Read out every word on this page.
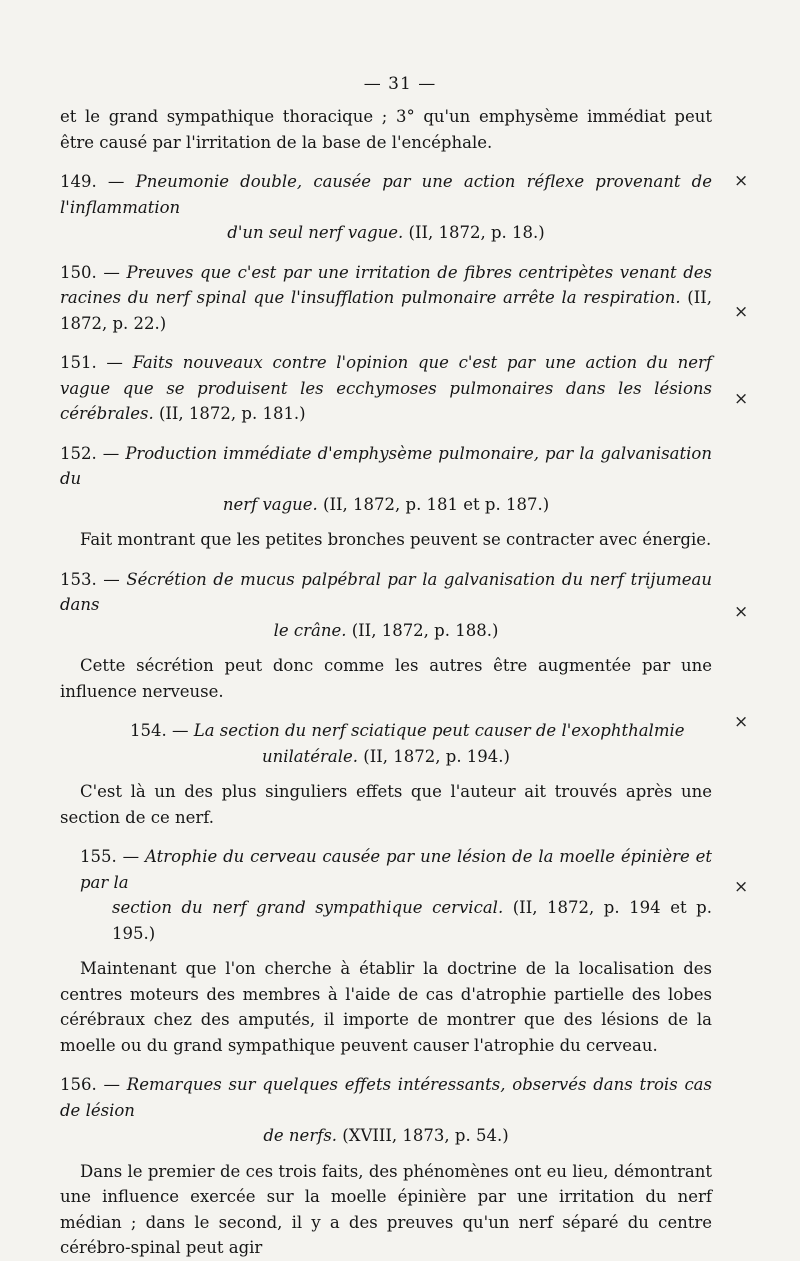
— 31 —

et le grand sympathique thoracique ; 3° qu'un emphysème immédiat peut être causé par l'irritation de la base de l'encéphale.

149. — Pneumonie double, causée par une action réflexe provenant de l'inflammation
d'un seul nerf vague. (II, 1872, p. 18.)

150. — Preuves que c'est par une irritation de fibres centripètes venant des racines du nerf spinal que l'insufflation pulmonaire arrête la respiration. (II, 1872, p. 22.)

151. — Faits nouveaux contre l'opinion que c'est par une action du nerf vague que se produisent les ecchymoses pulmonaires dans les lésions cérébrales. (II, 1872, p. 181.)

152. — Production immédiate d'emphysème pulmonaire, par la galvanisation du
nerf vague. (II, 1872, p. 181 et p. 187.)

Fait montrant que les petites bronches peuvent se contracter avec énergie.

153. — Sécrétion de mucus palpébral par la galvanisation du nerf trijumeau dans
le crâne. (II, 1872, p. 188.)

Cette sécrétion peut donc comme les autres être augmentée par une influence nerveuse.

154. — La section du nerf sciatique peut causer de l'exophthalmie

unilatérale. (II, 1872, p. 194.)

C'est là un des plus singuliers effets que l'auteur ait trouvés après une section de ce nerf.

155. — Atrophie du cerveau causée par une lésion de la moelle épinière et par la

section du nerf grand sympathique cervical. (II, 1872, p. 194 et p. 195.)

Maintenant que l'on cherche à établir la doctrine de la localisation des centres moteurs des membres à l'aide de cas d'atrophie partielle des lobes cérébraux chez des amputés, il importe de montrer que des lésions de la moelle ou du grand sympathique peuvent causer l'atrophie du cerveau.

156. — Remarques sur quelques effets intéressants, observés dans trois cas de lésion
de nerfs. (XVIII, 1873, p. 54.)

Dans le premier de ces trois faits, des phénomènes ont eu lieu, démontrant une influence exercée sur la moelle épinière par une irritation du nerf médian ; dans le second, il y a des preuves qu'un nerf séparé du centre cérébro-spinal peut agir

×
×
×
×
×
×
